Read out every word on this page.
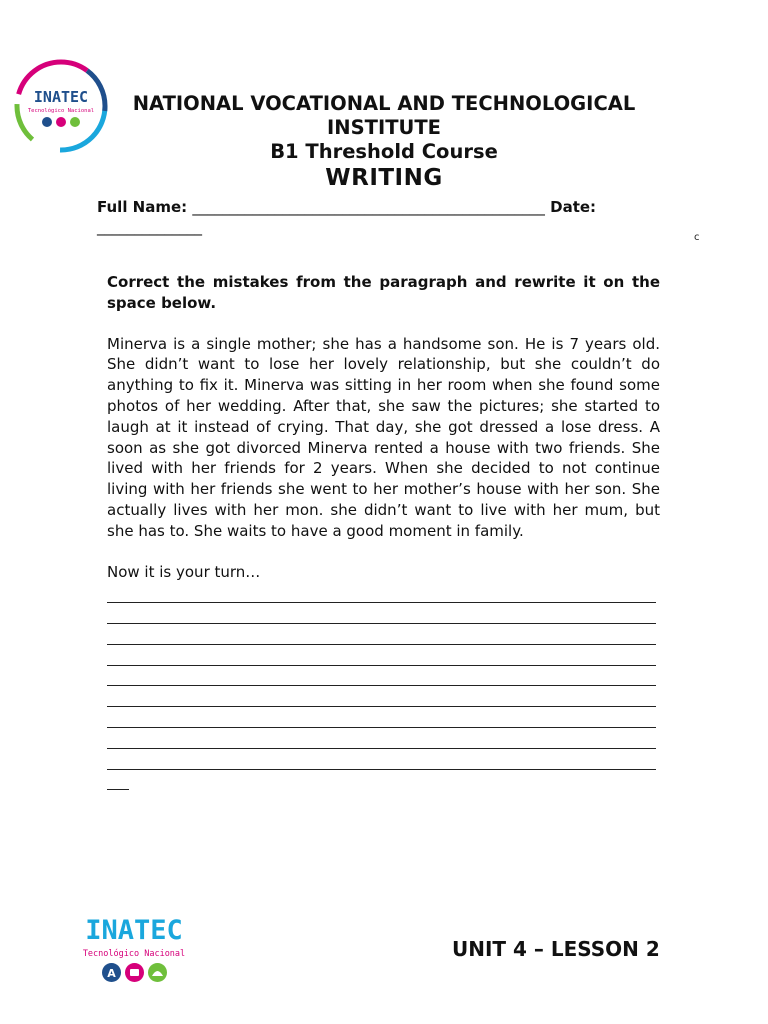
INATEC
Tecnológico Nacional	NATIONAL VOCATIONAL AND TECHNOLOGICAL
INSTITUTE
B1 Threshold Course
WRITING
Full Name: _______________________________________________ Date:
______________
c

Correct the mistakes from the paragraph and rewrite it on the space below.

Minerva is a single mother; she has a handsome son. He is 7 years old. She didn’t want to lose her lovely relationship, but she couldn’t do anything to fix it. Minerva was sitting in her room when she found some photos of her wedding. After that, she saw the pictures; she started to laugh at it instead of crying. That day, she got dressed a lose dress. A soon as she got divorced Minerva rented a house with two friends. She lived with her friends for 2 years. When she decided to not continue living with her friends she went to her mother’s house with her son. She actually lives with her mon. she didn’t want to live with her mum, but she has to. She waits to have a good moment in family.

Now it is your turn…

INATEC
Tecnológico Nacional
A
UNIT 4 – LESSON 2
